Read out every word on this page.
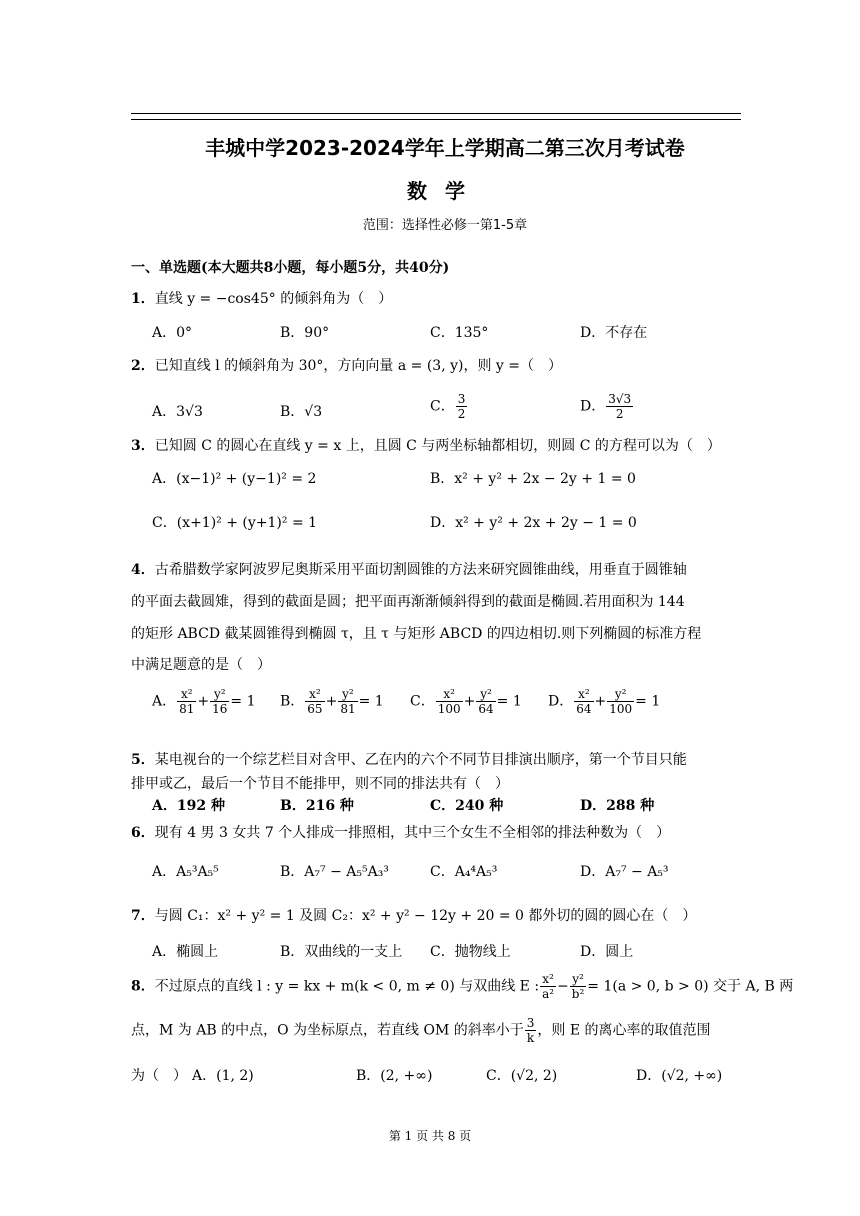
丰城中学2023-2024学年上学期高二第三次月考试卷
数学
范围：选择性必修一第1-5章
一、单选题(本大题共8小题，每小题5分，共40分)
1．直线 y = −cos45° 的倾斜角为（　）
A．0°	B．90°	C．135°	D．不存在
2．已知直线 l 的倾斜角为 30°，方向向量 a = (3, y)，则 y =（　）
A．3√3	B．√3	C． $\frac{3}{2}$	D． $\frac{3√3}{2}$
3．已知圆 C 的圆心在直线 y = x 上，且圆 C 与两坐标轴都相切，则圆 C 的方程可以为（　）
A．(x−1)² + (y−1)² = 2	B．x² + y² + 2x − 2y + 1 = 0
C．(x+1)² + (y+1)² = 1	D．x² + y² + 2x + 2y − 1 = 0
4．古希腊数学家阿波罗尼奥斯采用平面切割圆锥的方法来研究圆锥曲线，用垂直于圆锥轴
的平面去截圆雉，得到的截面是圆；把平面再渐渐倾斜得到的截面是椭圆.若用面积为 144
的矩形 ABCD 截某圆锥得到椭圆 τ，且 τ 与矩形 ABCD 的四边相切.则下列椭圆的标准方程
中满足题意的是（　）
A． $\frac{\text{x²}}{81} + \frac{\text{y²}}{16} = 1$ B． $\frac{\text{x²}}{65} + \frac{\text{y²}}{81} = 1$ C． $\frac{\text{x²}}{100} + \frac{\text{y²}}{64} = 1$ D． $\frac{\text{x²}}{64} + \frac{\text{y²}}{100} = 1$
5．某电视台的一个综艺栏目对含甲、乙在内的六个不同节目排演出顺序，第一个节目只能
排甲或乙，最后一个节目不能排甲，则不同的排法共有（　）
A．192 种	B．216 种	C．240 种	D．288 种
6．现有 4 男 3 女共 7 个人排成一排照相，其中三个女生不全相邻的排法种数为（　）
A．A₅³A₅⁵	B．A₇⁷ − A₅⁵A₃³	C．A₄⁴A₅³	D．A₇⁷ − A₅³
7．与圆 C₁：x² + y² = 1 及圆 C₂：x² + y² − 12y + 20 = 0 都外切的圆的圆心在（　）
A．椭圆上	B．双曲线的一支上 C．抛物线上	D．圆上
8．不过原点的直线 l : y = kx + m(k < 0, m ≠ 0) 与双曲线 E : $\frac{\text{x²}}{\text{a²}} - \frac{\text{y²}}{\text{b²}} = 1(a > 0$, b > 0) 交于 A, B 两
点，M 为 AB 的中点，O 为坐标原点，若直线 OM 的斜率小于 $\frac{3}{k}$ ，则 E 的离心率的取值范围
为（　） A．(1, 2)	B．(2, +∞)	C．(√2, 2)	D．(√2, +∞)
第 1 页 共 8 页
